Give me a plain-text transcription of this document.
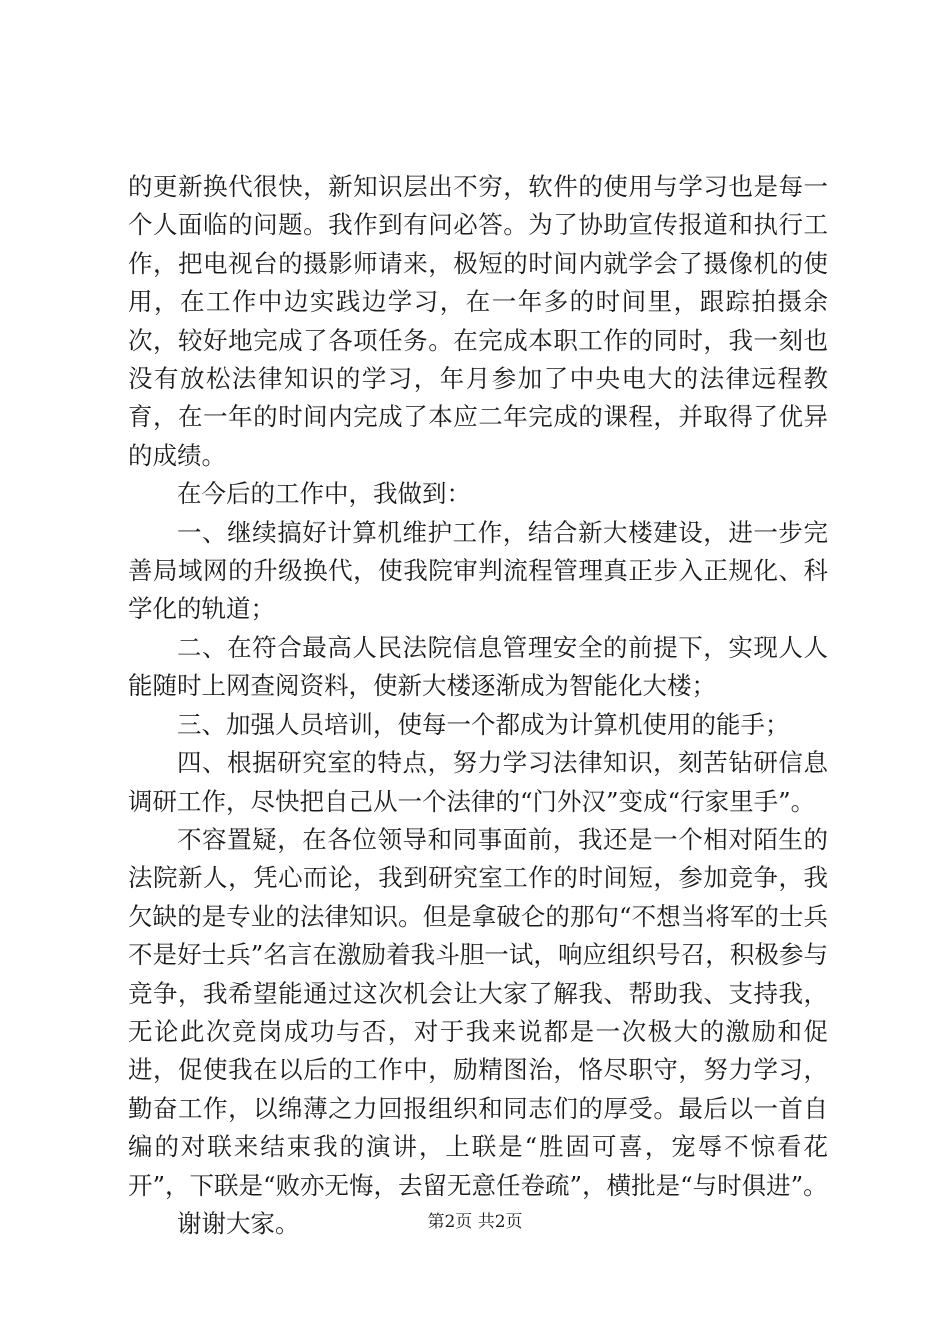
的更新换代很快，新知识层出不穷，软件的使用与学习也是每一个人面临的问题。我作到有问必答。为了协助宣传报道和执行工作，把电视台的摄影师请来，极短的时间内就学会了摄像机的使用，在工作中边实践边学习，在一年多的时间里，跟踪拍摄余次，较好地完成了各项任务。在完成本职工作的同时，我一刻也没有放松法律知识的学习，年月参加了中央电大的法律远程教育，在一年的时间内完成了本应二年完成的课程，并取得了优异的成绩。

在今后的工作中，我做到：

一、继续搞好计算机维护工作，结合新大楼建设，进一步完善局域网的升级换代，使我院审判流程管理真正步入正规化、科学化的轨道；

二、在符合最高人民法院信息管理安全的前提下，实现人人能随时上网查阅资料，使新大楼逐渐成为智能化大楼；

三、加强人员培训，使每一个都成为计算机使用的能手；

四、根据研究室的特点，努力学习法律知识，刻苦钻研信息调研工作，尽快把自己从一个法律的“门外汉”变成“行家里手”。

不容置疑，在各位领导和同事面前，我还是一个相对陌生的法院新人，凭心而论，我到研究室工作的时间短，参加竞争，我欠缺的是专业的法律知识。但是拿破仑的那句“不想当将军的士兵不是好士兵”名言在激励着我斗胆一试，响应组织号召，积极参与竞争，我希望能通过这次机会让大家了解我、帮助我、支持我，无论此次竞岗成功与否，对于我来说都是一次极大的激励和促进，促使我在以后的工作中，励精图治，恪尽职守，努力学习，勤奋工作，以绵薄之力回报组织和同志们的厚受。最后以一首自编的对联来结束我的演讲，上联是“胜固可喜，宠辱不惊看花开”，下联是“败亦无悔，去留无意任卷疏”，横批是“与时俱进”。

谢谢大家。	第2页 共2页
